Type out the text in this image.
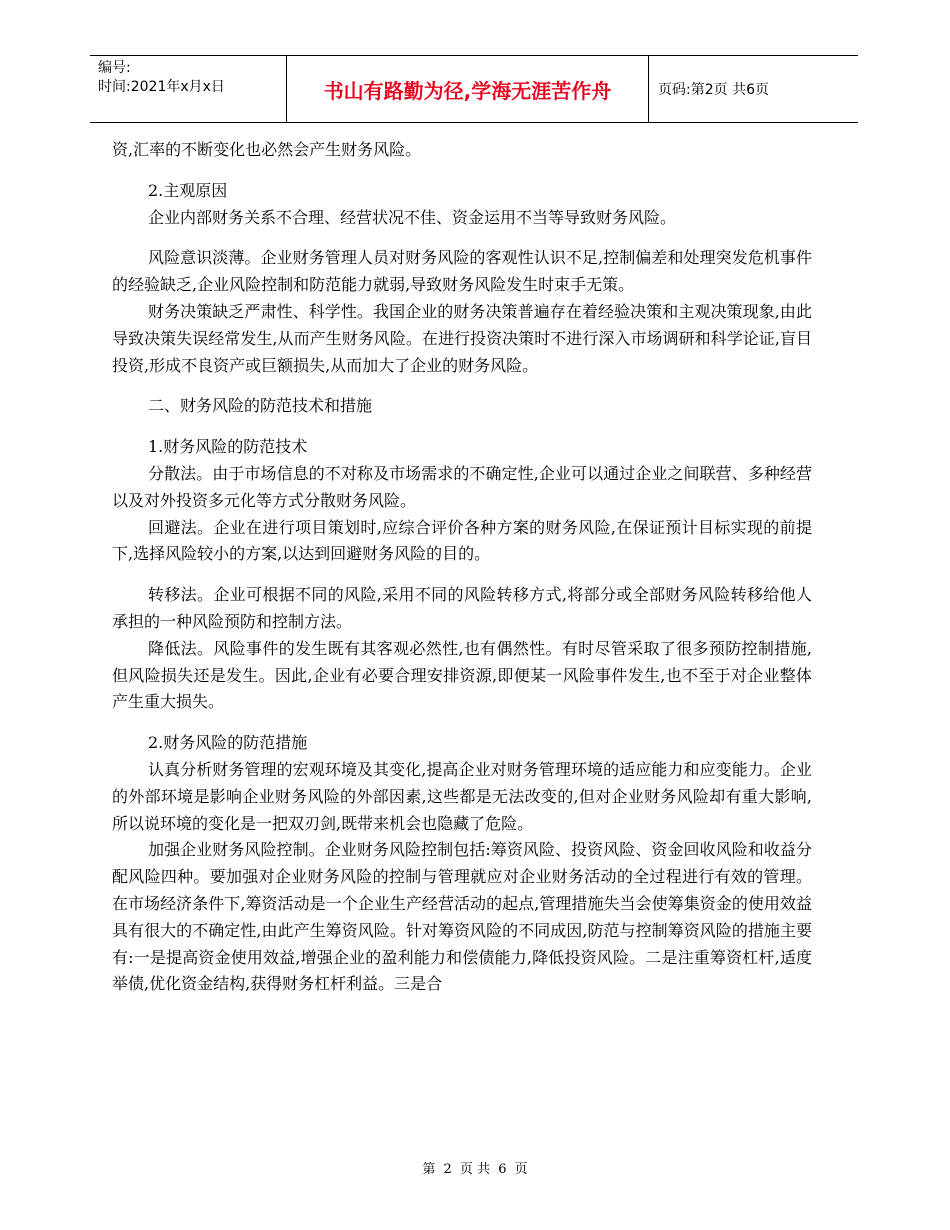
编号:
时间:2021年x月x日	书山有路勤为径,学海无涯苦作舟	页码:第2页 共6页

资,汇率的不断变化也必然会产生财务风险。

2.主观原因

企业内部财务关系不合理、经营状况不佳、资金运用不当等导致财务风险。

风险意识淡薄。企业财务管理人员对财务风险的客观性认识不足,控制偏差和处理突发危机事件的经验缺乏,企业风险控制和防范能力就弱,导致财务风险发生时束手无策。

财务决策缺乏严肃性、科学性。我国企业的财务决策普遍存在着经验决策和主观决策现象,由此导致决策失误经常发生,从而产生财务风险。在进行投资决策时不进行深入市场调研和科学论证,盲目投资,形成不良资产或巨额损失,从而加大了企业的财务风险。

二、财务风险的防范技术和措施

1.财务风险的防范技术

分散法。由于市场信息的不对称及市场需求的不确定性,企业可以通过企业之间联营、多种经营以及对外投资多元化等方式分散财务风险。

回避法。企业在进行项目策划时,应综合评价各种方案的财务风险,在保证预计目标实现的前提下,选择风险较小的方案,以达到回避财务风险的目的。

转移法。企业可根据不同的风险,采用不同的风险转移方式,将部分或全部财务风险转移给他人承担的一种风险预防和控制方法。

降低法。风险事件的发生既有其客观必然性,也有偶然性。有时尽管采取了很多预防控制措施,但风险损失还是发生。因此,企业有必要合理安排资源,即便某一风险事件发生,也不至于对企业整体产生重大损失。

2.财务风险的防范措施

认真分析财务管理的宏观环境及其变化,提高企业对财务管理环境的适应能力和应变能力。企业的外部环境是影响企业财务风险的外部因素,这些都是无法改变的,但对企业财务风险却有重大影响,所以说环境的变化是一把双刃剑,既带来机会也隐藏了危险。

加强企业财务风险控制。企业财务风险控制包括:筹资风险、投资风险、资金回收风险和收益分配风险四种。要加强对企业财务风险的控制与管理就应对企业财务活动的全过程进行有效的管理。在市场经济条件下,筹资活动是一个企业生产经营活动的起点,管理措施失当会使筹集资金的使用效益具有很大的不确定性,由此产生筹资风险。针对筹资风险的不同成因,防范与控制筹资风险的措施主要有:一是提高资金使用效益,增强企业的盈利能力和偿债能力,降低投资风险。二是注重筹资杠杆,适度举债,优化资金结构,获得财务杠杆利益。三是合

第 2 页 共 6 页
